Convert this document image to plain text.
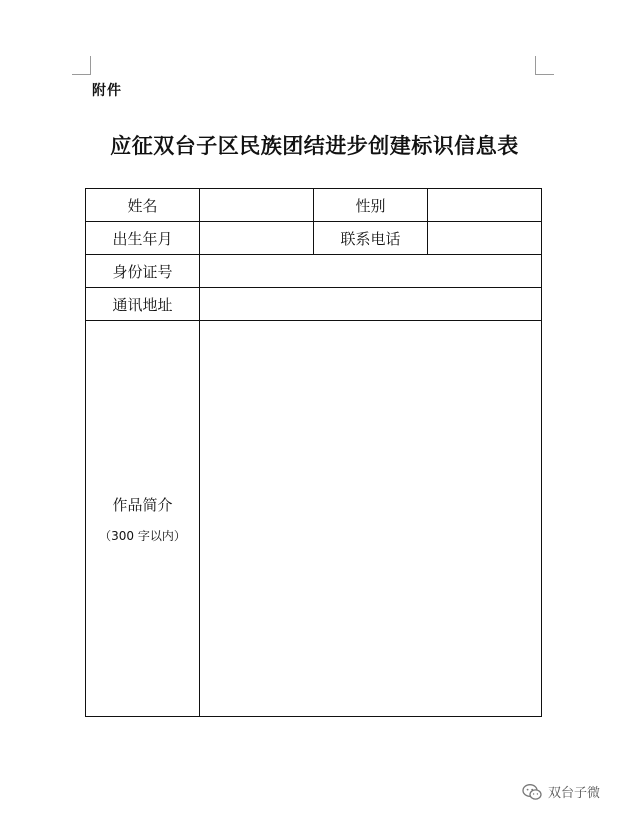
附件
应征双台子区民族团结进步创建标识信息表
姓名		性别	
出生年月		联系电话	
身份证号			
通讯地址			

作品简介
（300 字以内）			

双台子微
